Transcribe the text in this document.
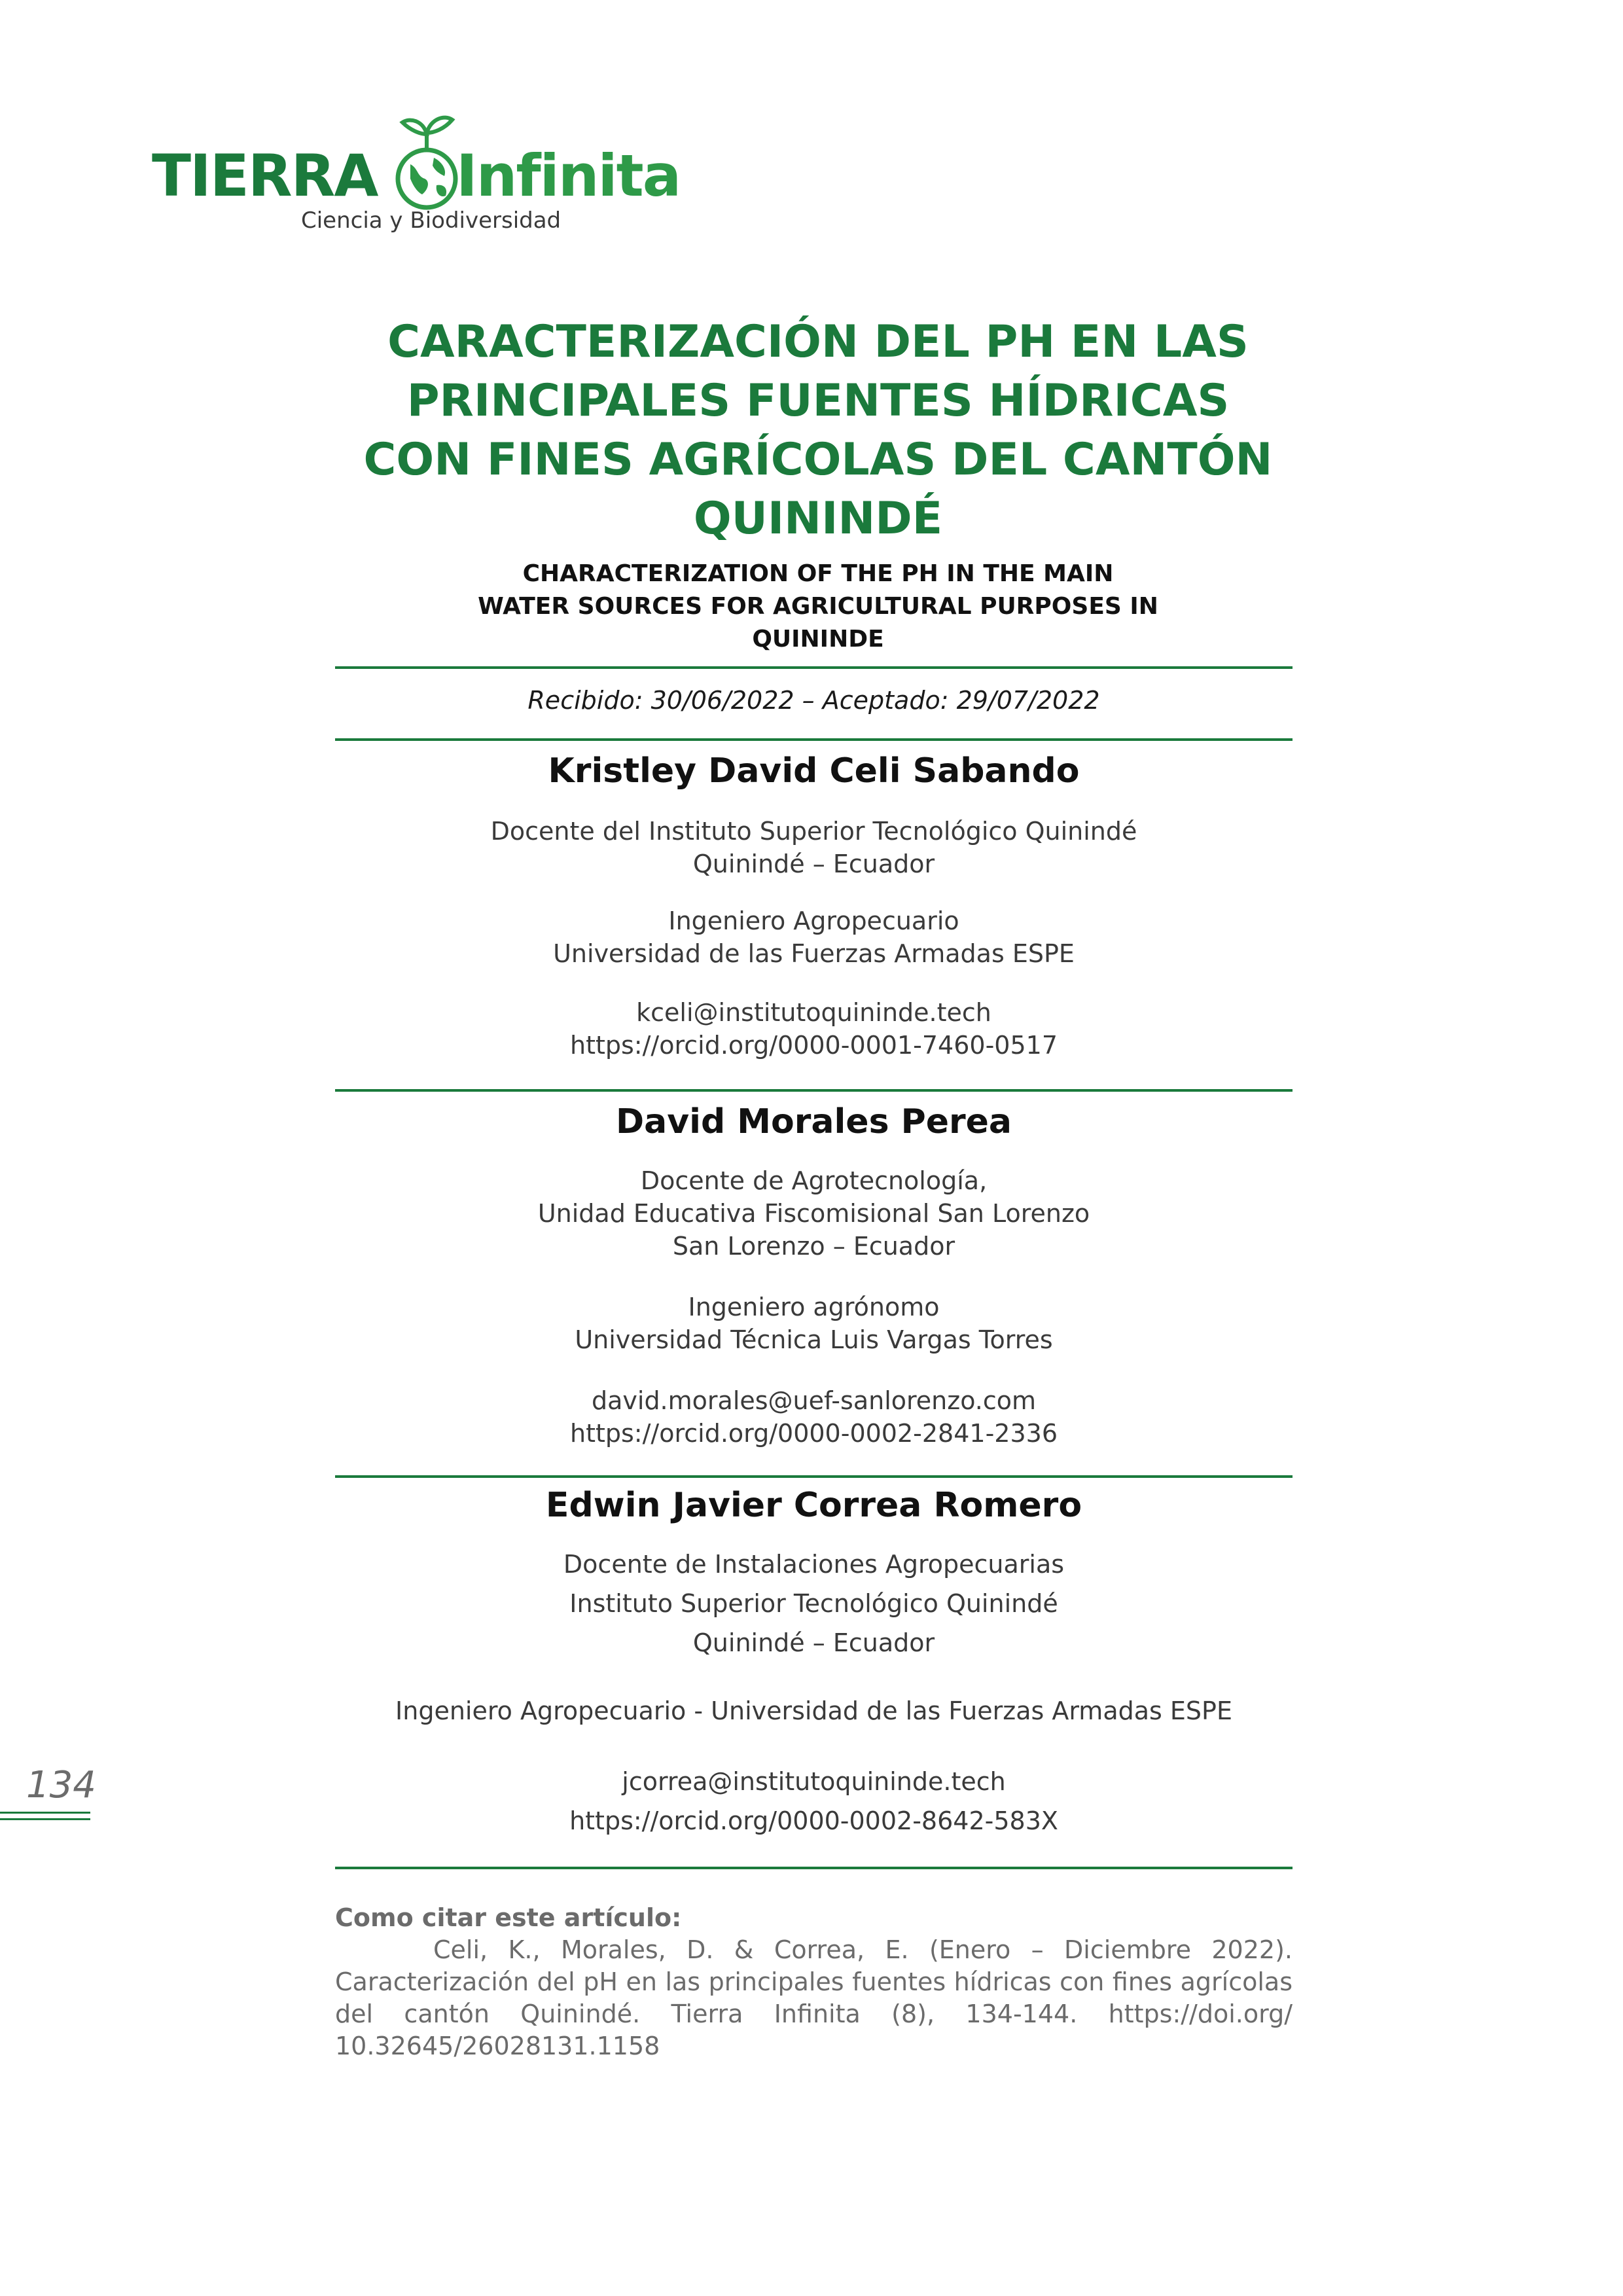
TIERRA Infinita
Ciencia y Biodiversidad
CARACTERIZACIÓN DEL PH EN LAS
PRINCIPALES FUENTES HÍDRICAS
CON FINES AGRÍCOLAS DEL CANTÓN
QUININDÉ
CHARACTERIZATION OF THE PH IN THE MAIN
WATER SOURCES FOR AGRICULTURAL PURPOSES IN
QUININDE
Recibido: 30/06/2022 – Aceptado: 29/07/2022
Kristley David Celi Sabando
Docente del Instituto Superior Tecnológico Quinindé
Quinindé – Ecuador
Ingeniero Agropecuario
Universidad de las Fuerzas Armadas ESPE
kceli@institutoquininde.tech
https://orcid.org/0000-0001-7460-0517
David Morales Perea
Docente de Agrotecnología,
Unidad Educativa Fiscomisional San Lorenzo
San Lorenzo – Ecuador
Ingeniero agrónomo
Universidad Técnica Luis Vargas Torres
david.morales@uef-sanlorenzo.com
https://orcid.org/0000-0002-2841-2336
Edwin Javier Correa Romero
Docente de Instalaciones Agropecuarias
Instituto Superior Tecnológico Quinindé
Quinindé – Ecuador
Ingeniero Agropecuario - Universidad de las Fuerzas Armadas ESPE
jcorrea@institutoquininde.tech
https://orcid.org/0000-0002-8642-583X
134
Como citar este artículo:
Celi, K., Morales, D. & Correa, E. (Enero – Diciembre 2022). Caracterización del pH en las principales fuentes hídricas con fines agrícolas del cantón Quinindé. Tierra Infinita (8), 134-144. https://doi.org/ 10.32645/26028131.1158
